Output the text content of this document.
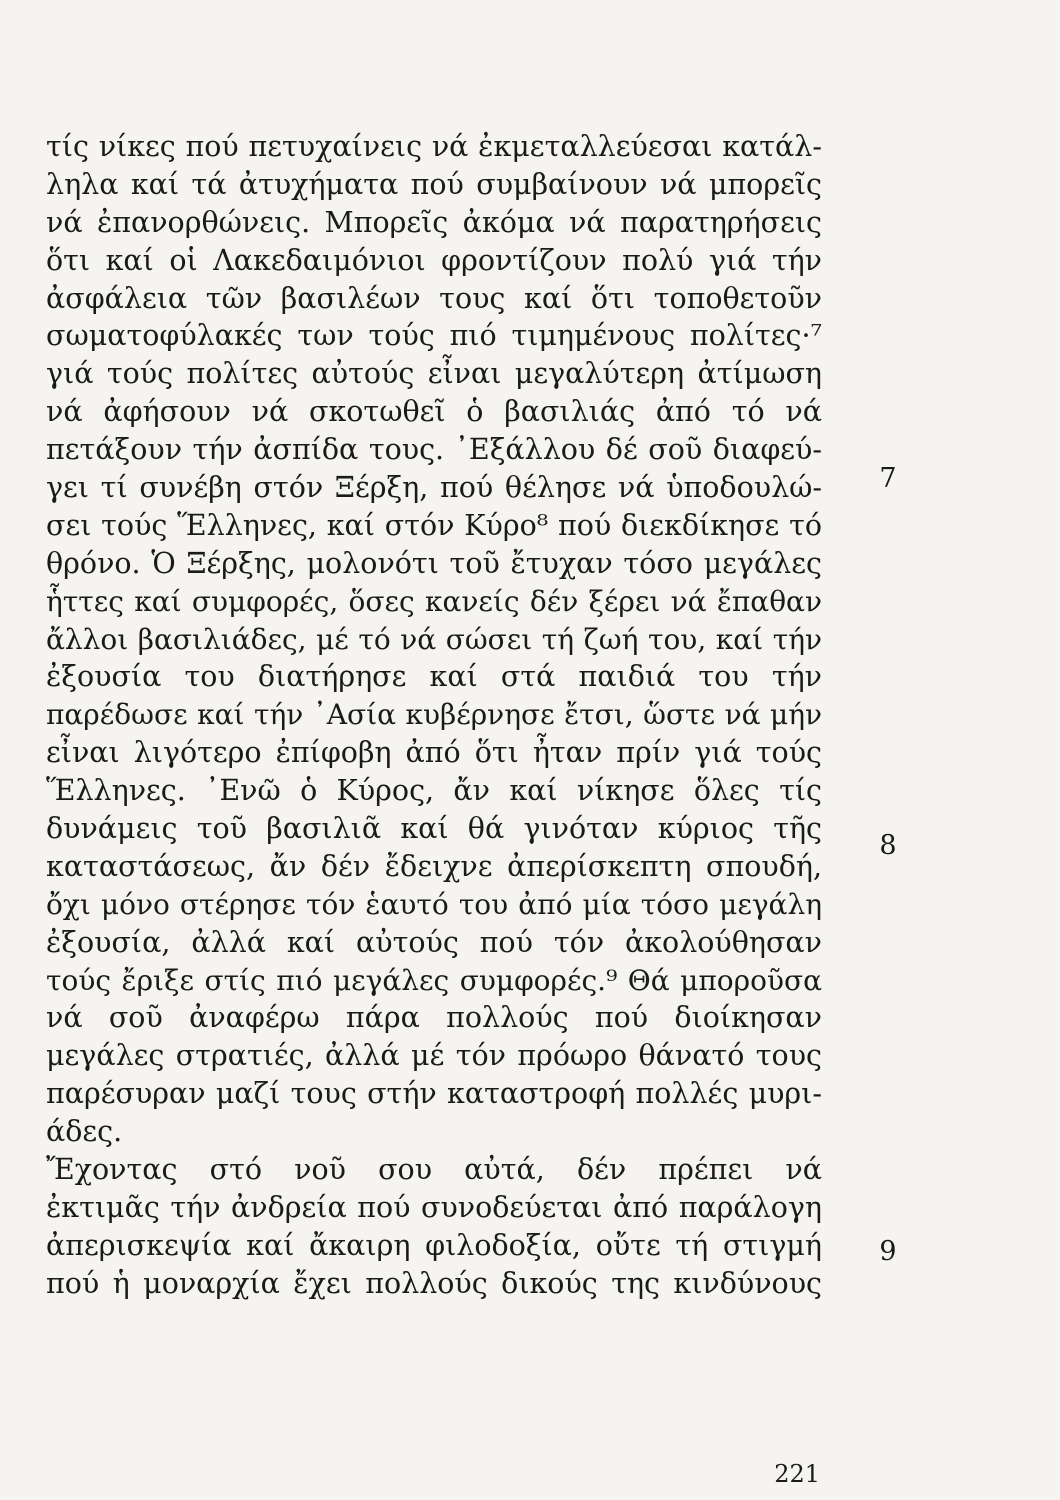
⠀
τίς νίκες πού πετυχαίνεις νά ἐκμεταλλεύεσαι κατάλ-
ληλα καί τά ἀτυχήματα πού συμβαίνουν νά μπορεῖς
νά ἐπανορθώνεις. Μπορεῖς ἀκόμα νά παρατηρήσεις
ὅτι καί οἱ Λακεδαιμόνιοι φροντίζουν πολύ γιά τήν
ἀσφάλεια τῶν βασιλέων τους καί ὅτι τοποθετοῦν
σωματοφύλακές των τούς πιό τιμημένους πολίτες·⁷
γιά τούς πολίτες αὐτούς εἶναι μεγαλύτερη ἀτίμωση
νά ἀφήσουν νά σκοτωθεῖ ὁ βασιλιάς ἀπό τό νά
πετάξουν τήν ἀσπίδα τους. ᾿Εξάλλου δέ σοῦ διαφεύ-
γει τί συνέβη στόν Ξέρξη, πού θέλησε νά ὑποδουλώ-
σει τούς Ἕλληνες, καί στόν Κύρο⁸ πού διεκδίκησε τό
θρόνο. Ὁ Ξέρξης, μολονότι τοῦ ἔτυχαν τόσο μεγάλες
ἧττες καί συμφορές, ὅσες κανείς δέν ξέρει νά ἔπαθαν
ἄλλοι βασιλιάδες, μέ τό νά σώσει τή ζωή του, καί τήν
ἐξουσία του διατήρησε καί στά παιδιά του τήν
παρέδωσε καί τήν ᾿Ασία κυβέρνησε ἔτσι, ὥστε νά μήν
εἶναι λιγότερο ἐπίφοβη ἀπό ὅτι ἦταν πρίν γιά τούς
Ἕλληνες. ᾿Ενῶ ὁ Κύρος, ἄν καί νίκησε ὅλες τίς
δυνάμεις τοῦ βασιλιᾶ καί θά γινόταν κύριος τῆς
καταστάσεως, ἄν δέν ἔδειχνε ἀπερίσκεπτη σπουδή,
ὄχι μόνο στέρησε τόν ἑαυτό του ἀπό μία τόσο μεγάλη
ἐξουσία, ἀλλά καί αὐτούς πού τόν ἀκολούθησαν
τούς ἔριξε στίς πιό μεγάλες συμφορές.⁹ Θά μποροῦσα
νά σοῦ ἀναφέρω πάρα πολλούς πού διοίκησαν
μεγάλες στρατιές, ἀλλά μέ τόν πρόωρο θάνατό τους
παρέσυραν μαζί τους στήν καταστροφή πολλές μυρι-
άδες.
Ἔχοντας στό νοῦ σου αὐτά, δέν πρέπει νά
ἐκτιμᾶς τήν ἀνδρεία πού συνοδεύεται ἀπό παράλογη
ἀπερισκεψία καί ἄκαιρη φιλοδοξία, οὔτε τή στιγμή
πού ἡ μοναρχία ἔχει πολλούς δικούς της κινδύνους
7
8
9
221
